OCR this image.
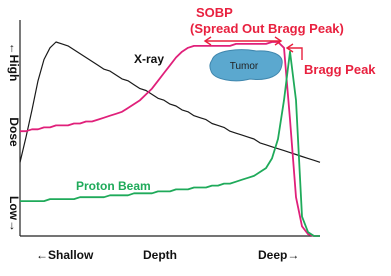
←High
Dose
Low→
←Shallow	Depth	Deep→
Tumor
X-ray
Proton Beam
SOBP
(Spread Out Bragg Peak)
Bragg Peak
